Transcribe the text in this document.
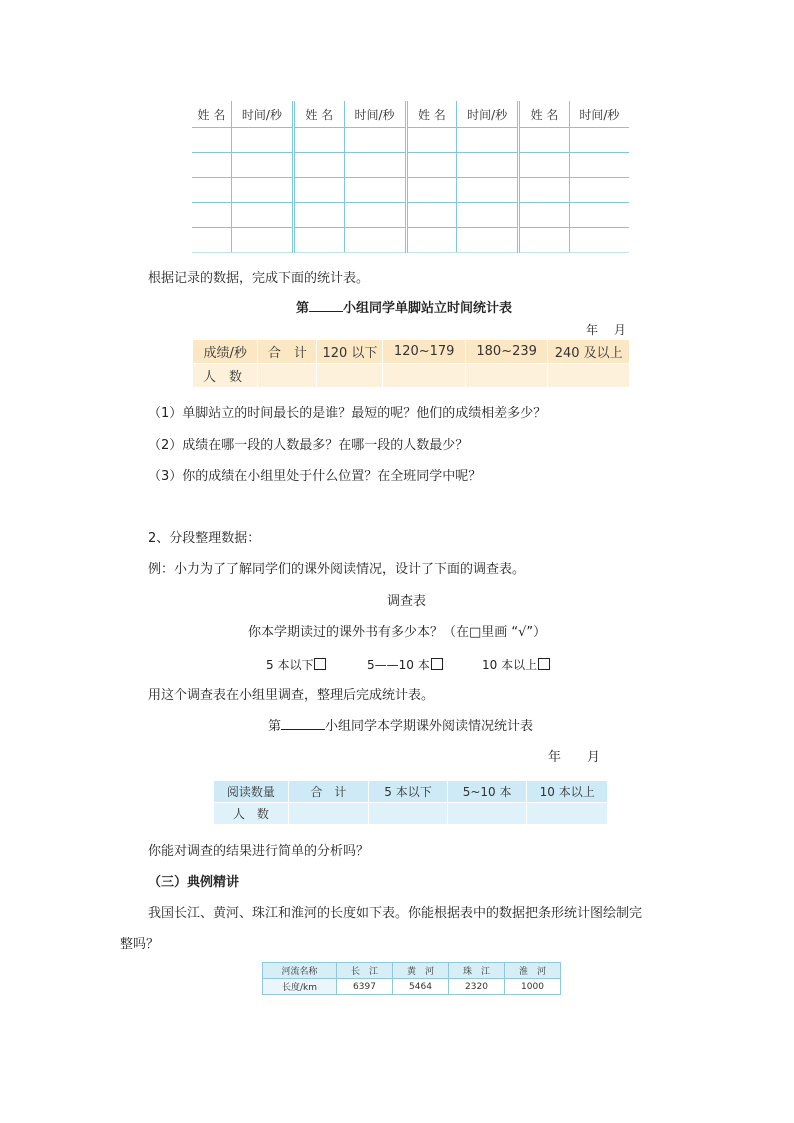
姓 名	时间/秒	姓 名	时间/秒	姓 名	时间/秒	姓 名	时间/秒

根据记录的数据，完成下面的统计表。
第	小组同学单脚站立时间统计表
年　 月
成绩/秒	合　计	120 以下	120~179	180~239	240 及以上
人　数					
（1）单脚站立的时间最长的是谁？最短的呢？他们的成绩相差多少？
（2）成绩在哪一段的人数最多？在哪一段的人数最少？
（3）你的成绩在小组里处于什么位置？在全班同学中呢？
2、分段整理数据：
例：小力为了了解同学们的课外阅读情况，设计了下面的调查表。
调查表
你本学期读过的课外书有多少本？（在□里画 “√”）
5 本以下	5——10 本	10 本以上
用这个调查表在小组里调查，整理后完成统计表。
第	小组同学本学期课外阅读情况统计表
年　　月
阅读数量	合　计	5 本以下	5~10 本	10 本以上
人　数				
你能对调查的结果进行简单的分析吗？
（三）典例精讲
我国长江、黄河、珠江和淮河的长度如下表。你能根据表中的数据把条形统计图绘制完
整吗？
河流名称	长　江	黄　河	珠　江	淮　河
长度/km	6397	5464	2320	1000
